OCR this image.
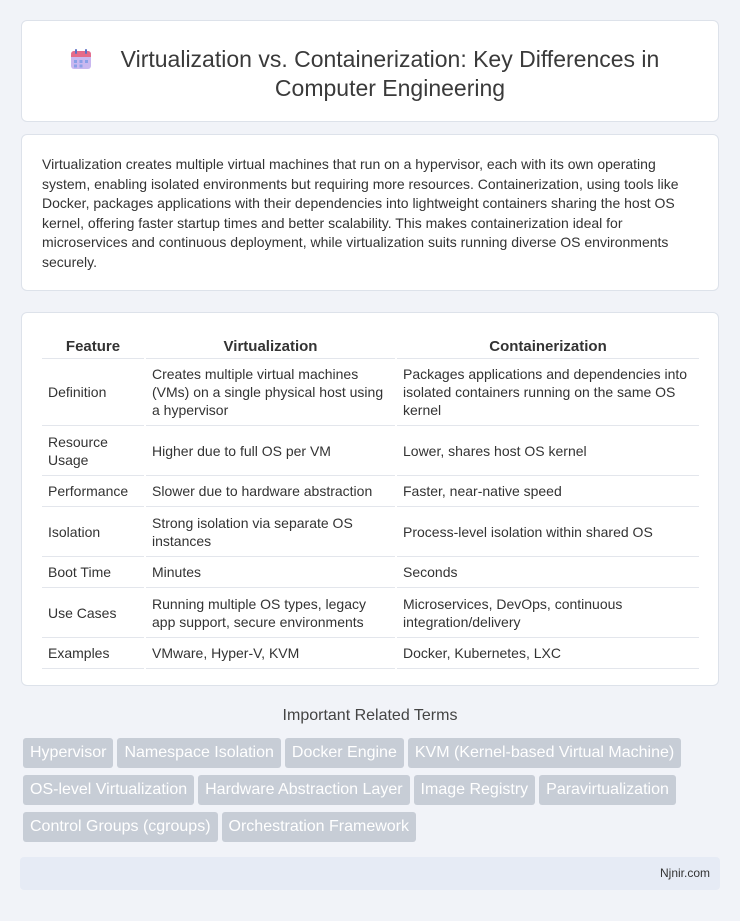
Virtualization vs. Containerization: Key Differences in Computer Engineering

Virtualization creates multiple virtual machines that run on a hypervisor, each with its own operating system, enabling isolated environments but requiring more resources. Containerization, using tools like Docker, packages applications with their dependencies into lightweight containers sharing the host OS kernel, offering faster startup times and better scalability. This makes containerization ideal for microservices and continuous deployment, while virtualization suits running diverse OS environments securely.

Feature	Virtualization	Containerization
Definition	Creates multiple virtual machines (VMs) on a single physical host using a hypervisor	Packages applications and dependencies into isolated containers running on the same OS kernel
Resource Usage	Higher due to full OS per VM	Lower, shares host OS kernel
Performance	Slower due to hardware abstraction	Faster, near-native speed
Isolation	Strong isolation via separate OS instances	Process-level isolation within shared OS
Boot Time	Minutes	Seconds
Use Cases	Running multiple OS types, legacy app support, secure environments	Microservices, DevOps, continuous integration/delivery
Examples	VMware, Hyper-V, KVM	Docker, Kubernetes, LXC
Important Related Terms
Hypervisor Namespace Isolation Docker Engine KVM (Kernel-based Virtual Machine)OS-level Virtualization Hardware Abstraction Layer Image Registry ParavirtualizationControl Groups (cgroups) Orchestration Framework
Njnir.com
